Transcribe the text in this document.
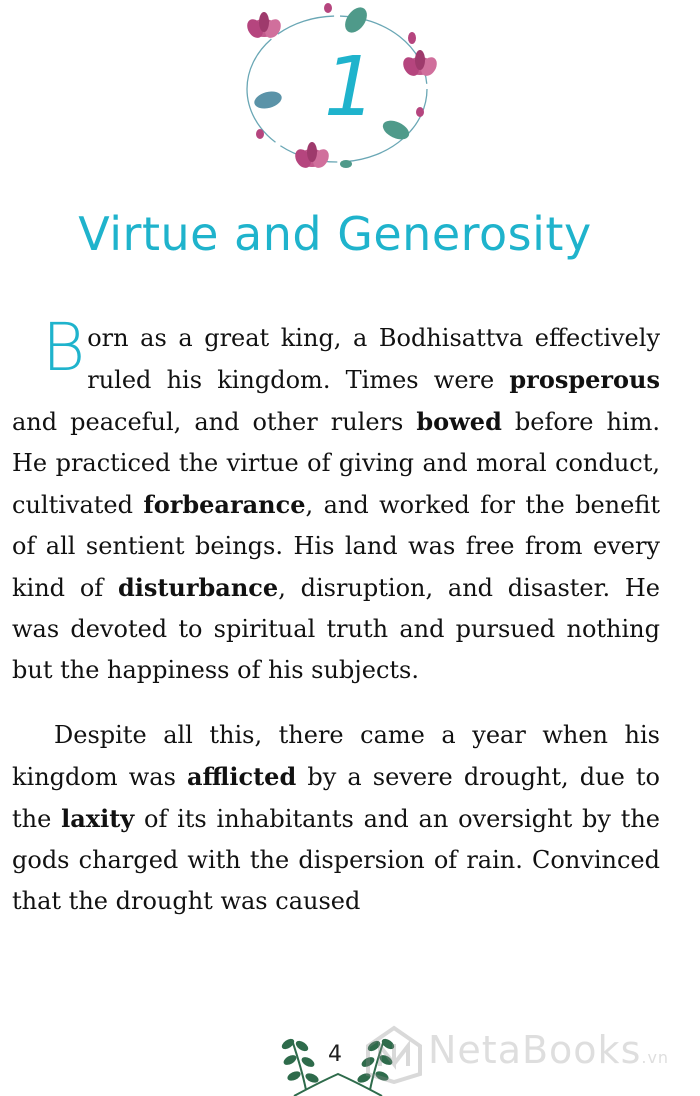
1
Virtue and Generosity

Born as a great king, a Bodhisattva effectively ruled his kingdom. Times were prosperous and peaceful, and other rulers bowed before him. He practiced the virtue of giving and moral conduct, cultivated forbearance, and worked for the benefit of all sentient beings. His land was free from every kind of disturbance, disruption, and disaster. He was devoted to spiritual truth and pursued nothing but the happiness of his subjects.

Despite all this, there came a year when his kingdom was afflicted by a severe drought, due to the laxity of its inhabitants and an oversight by the gods charged with the dispersion of rain. Convinced that the drought was caused

4	NetaBooks.vn
